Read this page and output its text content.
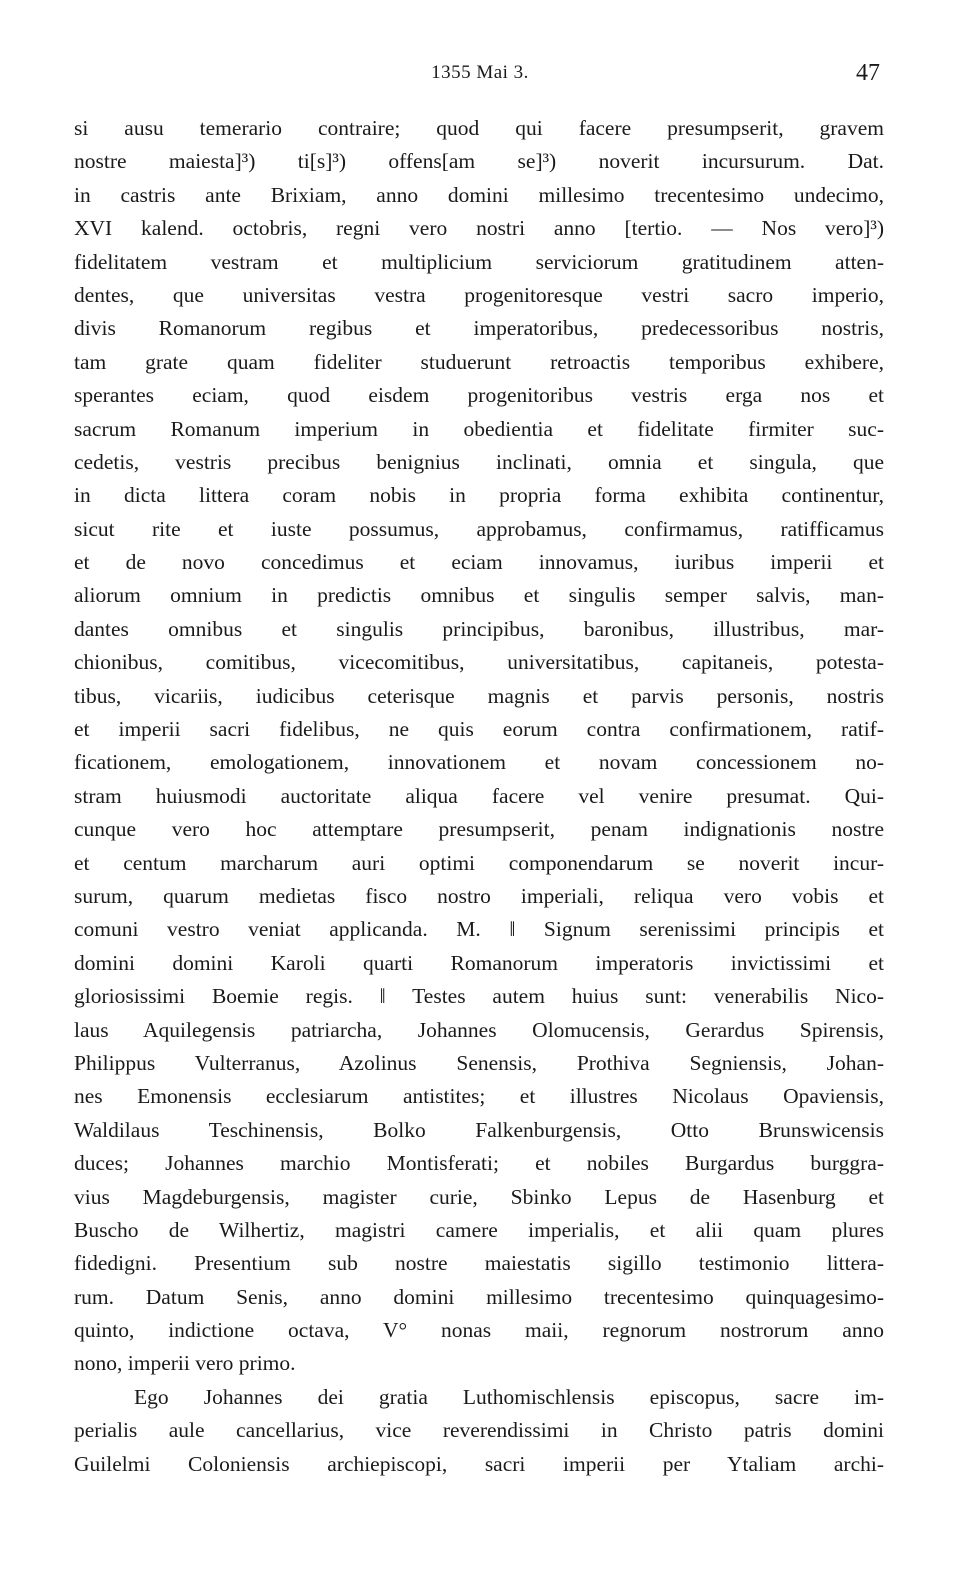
1355 Mai 3.	47
si ausu temerario contraire; quod qui facere presumpserit, gravem
nostre maiesta]³) ti[s]³) offens[am se]³) noverit incursurum. Dat.
in castris ante Brixiam, anno domini millesimo trecentesimo undecimo,
XVI kalend. octobris, regni vero nostri anno [tertio. — Nos vero]³)
fidelitatem vestram et multiplicium serviciorum gratitudinem atten-
dentes, que universitas vestra progenitoresque vestri sacro imperio,
divis Romanorum regibus et imperatoribus, predecessoribus nostris,
tam grate quam fideliter studuerunt retroactis temporibus exhibere,
sperantes eciam, quod eisdem progenitoribus vestris erga nos et
sacrum Romanum imperium in obedientia et fidelitate firmiter suc-
cedetis, vestris precibus benignius inclinati, omnia et singula, que
in dicta littera coram nobis in propria forma exhibita continentur,
sicut rite et iuste possumus, approbamus, confirmamus, ratifficamus
et de novo concedimus et eciam innovamus, iuribus imperii et
aliorum omnium in predictis omnibus et singulis semper salvis, man-
dantes omnibus et singulis principibus, baronibus, illustribus, mar-
chionibus, comitibus, vicecomitibus, universitatibus, capitaneis, potesta-
tibus, vicariis, iudicibus ceterisque magnis et parvis personis, nostris
et imperii sacri fidelibus, ne quis eorum contra confirmationem, ratif-
ficationem, emologationem, innovationem et novam concessionem no-
stram huiusmodi auctoritate aliqua facere vel venire presumat. Qui-
cunque vero hoc attemptare presumpserit, penam indignationis nostre
et centum marcharum auri optimi componendarum se noverit incur-
surum, quarum medietas fisco nostro imperiali, reliqua vero vobis et
comuni vestro veniat applicanda. M. ‖ Signum serenissimi principis et
domini domini Karoli quarti Romanorum imperatoris invictissimi et
gloriosissimi Boemie regis. ‖ Testes autem huius sunt: venerabilis Nico-
laus Aquilegensis patriarcha, Johannes Olomucensis, Gerardus Spirensis,
Philippus Vulterranus, Azolinus Senensis, Prothiva Segniensis, Johan-
nes Emonensis ecclesiarum antistites; et illustres Nicolaus Opaviensis,
Waldilaus Teschinensis, Bolko Falkenburgensis, Otto Brunswicensis
duces; Johannes marchio Montisferati; et nobiles Burgardus burggra-
vius Magdeburgensis, magister curie, Sbinko Lepus de Hasenburg et
Buscho de Wilhertiz, magistri camere imperialis, et alii quam plures
fidedigni. Presentium sub nostre maiestatis sigillo testimonio littera-
rum. Datum Senis, anno domini millesimo trecentesimo quinquagesimo-
quinto, indictione octava, V° nonas maii, regnorum nostrorum anno
nono, imperii vero primo.
Ego Johannes dei gratia Luthomischlensis episcopus, sacre im-
perialis aule cancellarius, vice reverendissimi in Christo patris domini
Guilelmi Coloniensis archiepiscopi, sacri imperii per Ytaliam archi-
